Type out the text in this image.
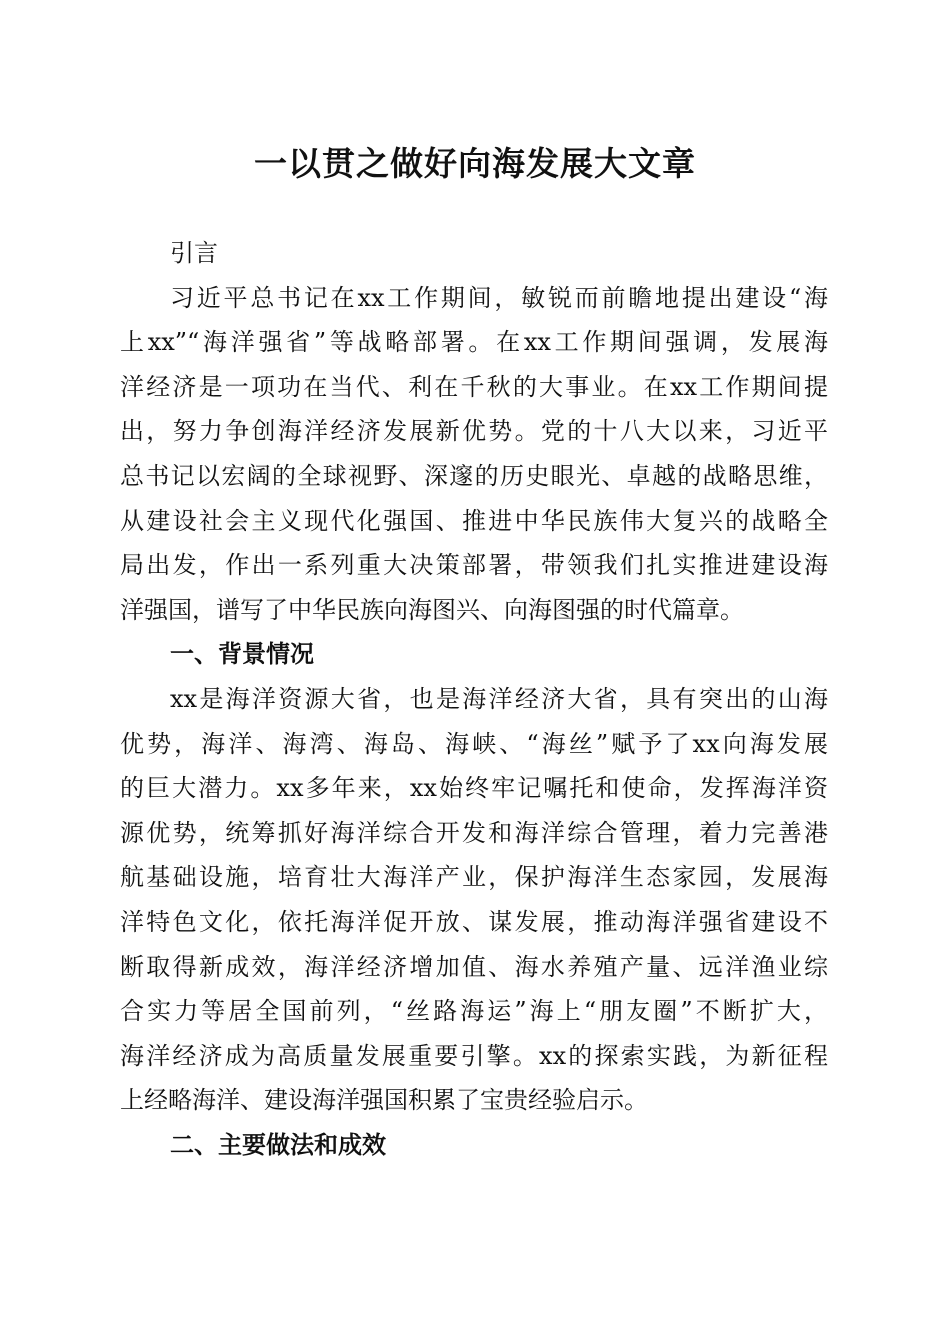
一以贯之做好向海发展大文章
引言
习近平总书记在xx工作期间，敏锐而前瞻地提出建设“海
上xx”“海洋强省”等战略部署。在xx工作期间强调，发展海
洋经济是一项功在当代、利在千秋的大事业。在xx工作期间提
出，努力争创海洋经济发展新优势。党的十八大以来，习近平
总书记以宏阔的全球视野、深邃的历史眼光、卓越的战略思维，
从建设社会主义现代化强国、推进中华民族伟大复兴的战略全
局出发，作出一系列重大决策部署，带领我们扎实推进建设海
洋强国，谱写了中华民族向海图兴、向海图强的时代篇章。
一、背景情况
xx是海洋资源大省，也是海洋经济大省，具有突出的山海
优势，海洋、海湾、海岛、海峡、“海丝”赋予了xx向海发展
的巨大潜力。xx多年来，xx始终牢记嘱托和使命，发挥海洋资
源优势，统筹抓好海洋综合开发和海洋综合管理，着力完善港
航基础设施，培育壮大海洋产业，保护海洋生态家园，发展海
洋特色文化，依托海洋促开放、谋发展，推动海洋强省建设不
断取得新成效，海洋经济增加值、海水养殖产量、远洋渔业综
合实力等居全国前列，“丝路海运”海上“朋友圈”不断扩大，
海洋经济成为高质量发展重要引擎。xx的探索实践，为新征程
上经略海洋、建设海洋强国积累了宝贵经验启示。
二、主要做法和成效
